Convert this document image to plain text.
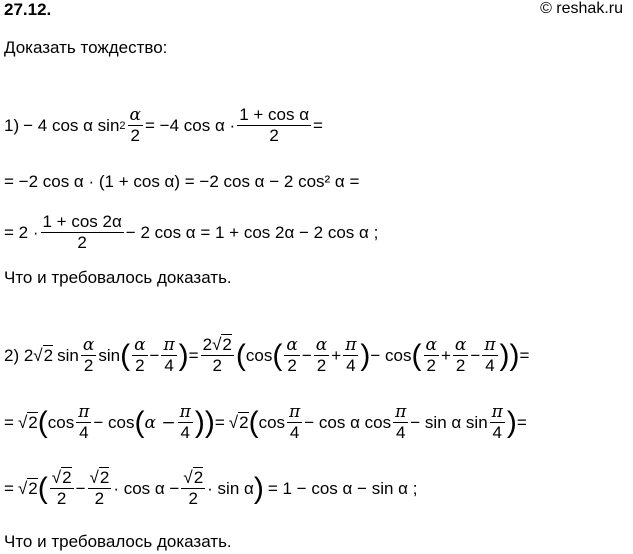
27.12.	© reshak.ru
Доказать тождество:
1) − 4 cos α $\sin 2 \frac{\alpha}{2} = -4$ $\cos \alpha \cdot \frac{\text{1 + cos α}}{2}$ =
= −2 cos α · (1 + cos α) = −2 cos α − 2 cos² α =
= $2 \cdot \frac{1 + \cos 2\alpha}{2} - 2$ cos α = 1 + cos 2α − 2 cos α ;
Что и требовалось доказать.
2) 2 √ 2 $\sin \frac{\alpha}{2}$ sin ( $\frac{\alpha}{2} - \frac{\pi}{4}$ ) = $\frac{2√2}{2}$ ( cos ( $\frac{\alpha}{2} - \frac{\alpha}{2} + \frac{\pi}{4}$ ) − cos ( $\frac{\alpha}{2} + \frac{\alpha}{2} - \frac{\pi}{4}$ )) =
= √ 2 ( $\cos \frac{\pi}{4} - \cos$ ( $\alpha - \frac{\pi}{4}$ )) = √ 2 ( $\cos \frac{\pi}{4} - \cos \alpha$ $\cos \frac{\pi}{4} - \sin \alpha$ $\sin \frac{\pi}{4}$ ) =
= √ 2 ( $\frac{√2}{2} - \frac{√2}{2} \cdot \cos \alpha - \frac{√2}{2} \cdot \sin \alpha$ ) = 1 − cos α − sin α ;
Что и требовалось доказать.
